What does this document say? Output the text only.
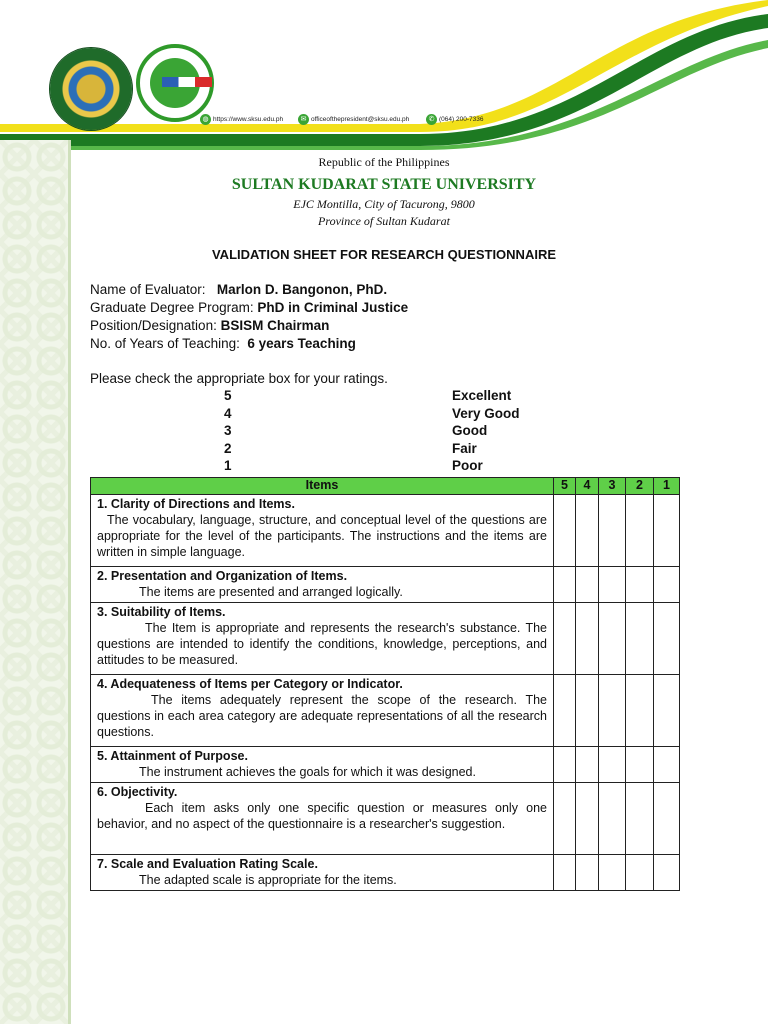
◍ https://www.sksu.edu.ph	✉ officeofthepresident@sksu.edu.ph	✆ (064) 200-7336
Republic of the Philippines
SULTAN KUDARAT STATE UNIVERSITY
EJC Montilla, City of Tacurong, 9800
Province of Sultan Kudarat
VALIDATION SHEET FOR RESEARCH QUESTIONNAIRE
Name of Evaluator: Marlon D. Bangonon, PhD.
Graduate Degree Program: PhD in Criminal Justice
Position/Designation: BSISM Chairman
No. of Years of Teaching: 6 years Teaching
Please check the appropriate box for your ratings.
5	Excellent
4	Very Good
3	Good
2	Fair
1	Poor
Items	5	4	3	2	1

1. Clarity of Directions and Items.
The vocabulary, language, structure, and conceptual level of the questions are appropriate for the level of the participants. The instructions and the items are written in simple language.					

2. Presentation and Organization of Items.
The items are presented and arranged logically.					

3. Suitability of Items.
The Item is appropriate and represents the research's substance. The questions are intended to identify the conditions, knowledge, perceptions, and attitudes to be measured.					

4. Adequateness of Items per Category or Indicator.
The items adequately represent the scope of the research. The questions in each area category are adequate representations of all the research questions.					

5. Attainment of Purpose.
The instrument achieves the goals for which it was designed.					

6. Objectivity.
Each item asks only one specific question or measures only one behavior, and no aspect of the questionnaire is a researcher's suggestion.					

7. Scale and Evaluation Rating Scale.
The adapted scale is appropriate for the items.					
